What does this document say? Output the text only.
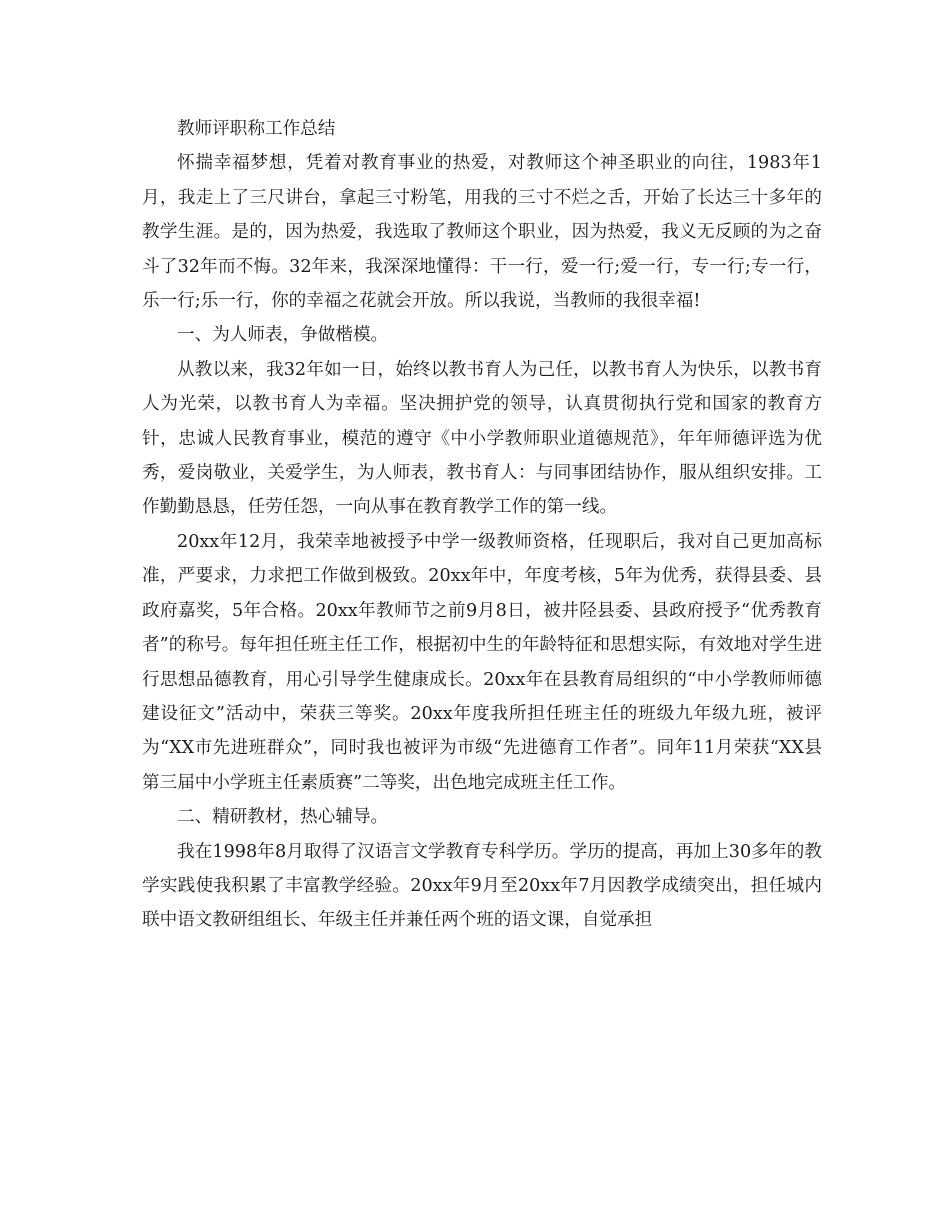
教师评职称工作总结

怀揣幸福梦想，凭着对教育事业的热爱，对教师这个神圣职业的向往，1983年1月，我走上了三尺讲台，拿起三寸粉笔，用我的三寸不烂之舌，开始了长达三十多年的教学生涯。是的，因为热爱，我选取了教师这个职业，因为热爱，我义无反顾的为之奋斗了32年而不悔。32年来，我深深地懂得：干一行，爱一行;爱一行，专一行;专一行，乐一行;乐一行，你的幸福之花就会开放。所以我说，当教师的我很幸福!

一、为人师表，争做楷模。

从教以来，我32年如一日，始终以教书育人为己任，以教书育人为快乐，以教书育人为光荣，以教书育人为幸福。坚决拥护党的领导，认真贯彻执行党和国家的教育方针，忠诚人民教育事业，模范的遵守《中小学教师职业道德规范》，年年师德评选为优秀，爱岗敬业，关爱学生，为人师表，教书育人：与同事团结协作，服从组织安排。工作勤勤恳恳，任劳任怨，一向从事在教育教学工作的第一线。

20xx年12月，我荣幸地被授予中学一级教师资格，任现职后，我对自己更加高标准，严要求，力求把工作做到极致。20xx年中，年度考核，5年为优秀，获得县委、县政府嘉奖，5年合格。20xx年教师节之前9月8日，被井陉县委、县政府授予“优秀教育者”的称号。每年担任班主任工作，根据初中生的年龄特征和思想实际，有效地对学生进行思想品德教育，用心引导学生健康成长。20xx年在县教育局组织的“中小学教师师德建设征文”活动中，荣获三等奖。20xx年度我所担任班主任的班级九年级九班，被评为“XX市先进班群众”，同时我也被评为市级“先进德育工作者”。同年11月荣获“XX县第三届中小学班主任素质赛”二等奖，出色地完成班主任工作。

二、精研教材，热心辅导。

我在1998年8月取得了汉语言文学教育专科学历。学历的提高，再加上30多年的教学实践使我积累了丰富教学经验。20xx年9月至20xx年7月因教学成绩突出，担任城内联中语文教研组组长、年级主任并兼任两个班的语文课，自觉承担
